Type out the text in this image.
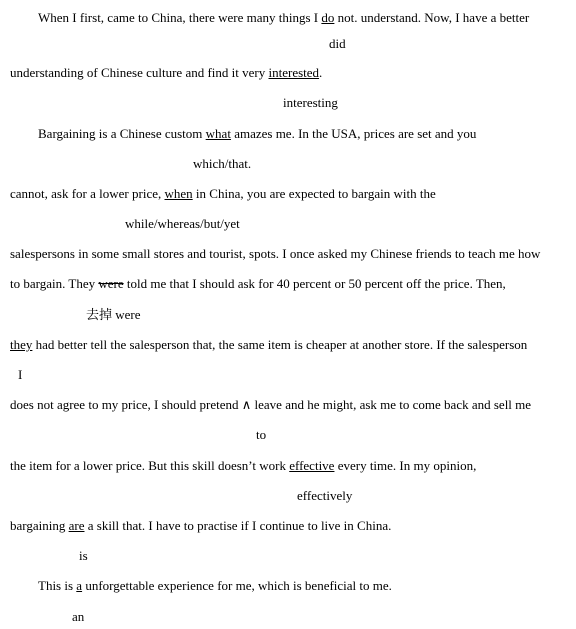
When I first, came to China, there were many things I do not. understand. Now, I have a better
did
understanding of Chinese culture and find it very interested.
interesting
Bargaining is a Chinese custom what amazes me. In the USA, prices are set and you
which/that.
cannot, ask for a lower price, when in China, you are expected to bargain with the
while/whereas/but/yet
salespersons in some small stores and tourist, spots. I once asked my Chinese friends to teach me how
to bargain. They were told me that I should ask for 40 percent or 50 percent off the price. Then,
去掉 were
they had better tell the salesperson that, the same item is cheaper at another store. If the salesperson
I
does not agree to my price, I should pretend ∧ leave and he might, ask me to come back and sell me
to
the item for a lower price. But this skill doesn’t work effective every time. In my opinion,
effectively
bargaining are a skill that. I have to practise if I continue to live in China.
is
This is a unforgettable experience for me, which is beneficial to me.
an
